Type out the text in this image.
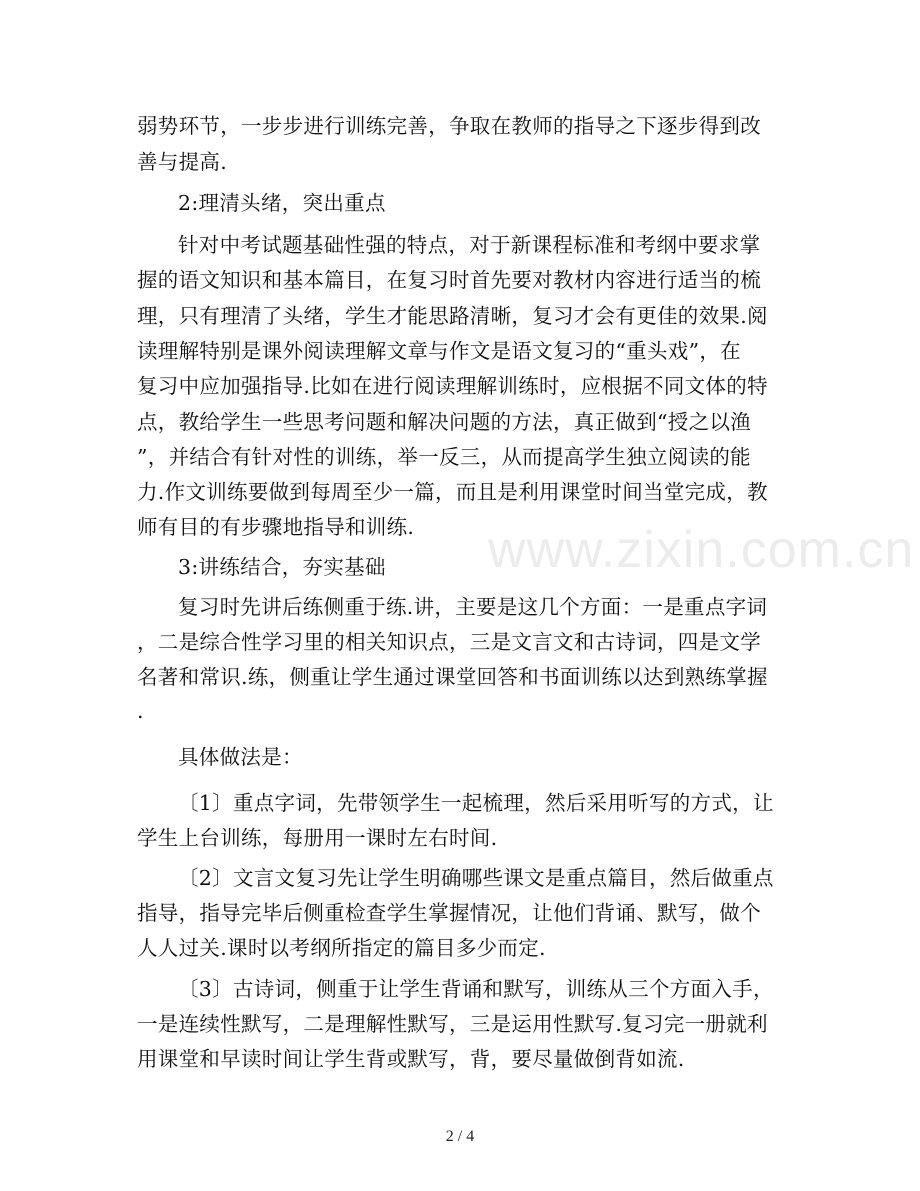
www.zixin.com.cn
弱势环节，一步步进行训练完善，争取在教师的指导之下逐步得到改
善与提高.
2:理清头绪，突出重点
针对中考试题基础性强的特点，对于新课程标准和考纲中要求掌
握的语文知识和基本篇目，在复习时首先要对教材内容进行适当的梳
理，只有理清了头绪，学生才能思路清晰，复习才会有更佳的效果.阅
读理解特别是课外阅读理解文章与作文是语文复习的“重头戏”，在
复习中应加强指导.比如在进行阅读理解训练时，应根据不同文体的特
点，教给学生一些思考问题和解决问题的方法，真正做到“授之以渔
”，并结合有针对性的训练，举一反三，从而提高学生独立阅读的能
力.作文训练要做到每周至少一篇，而且是利用课堂时间当堂完成，教
师有目的有步骤地指导和训练.
3:讲练结合，夯实基础
复习时先讲后练侧重于练.讲，主要是这几个方面：一是重点字词
，二是综合性学习里的相关知识点，三是文言文和古诗词，四是文学
名著和常识.练，侧重让学生通过课堂回答和书面训练以达到熟练掌握
.
具体做法是：
〔1〕重点字词，先带领学生一起梳理，然后采用听写的方式，让
学生上台训练，每册用一课时左右时间.
〔2〕文言文复习先让学生明确哪些课文是重点篇目，然后做重点
指导，指导完毕后侧重检查学生掌握情况，让他们背诵、默写，做个
人人过关.课时以考纲所指定的篇目多少而定.
〔3〕古诗词，侧重于让学生背诵和默写，训练从三个方面入手，
一是连续性默写，二是理解性默写，三是运用性默写.复习完一册就利
用课堂和早读时间让学生背或默写，背，要尽量做倒背如流.
2 / 4
